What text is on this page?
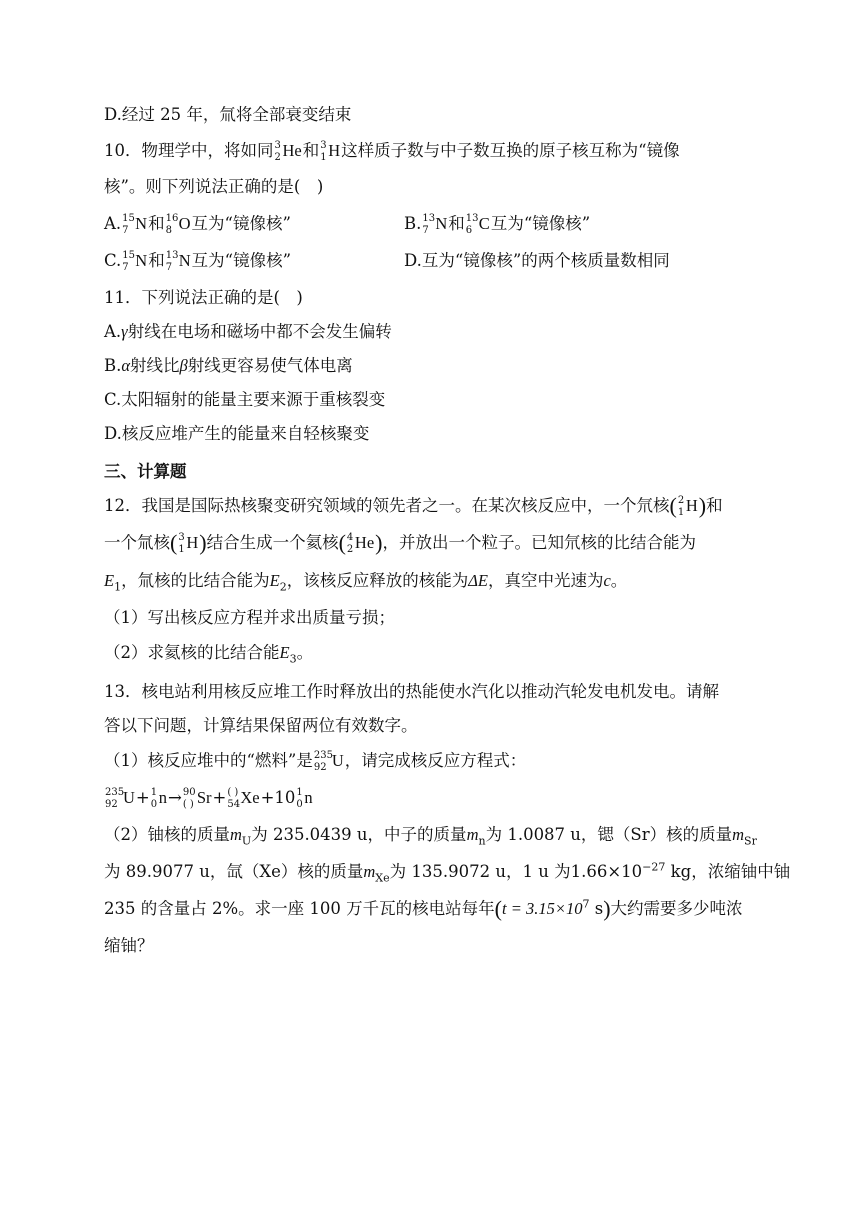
D.经过 25 年，氚将全部衰变结束
10．物理学中，将如同 3
2 He和 3
1 H这样质子数与中子数互换的原子核互称为“镜像
核”。则下列说法正确的是(　)
A. 15
7 N和 16
8 O互为“镜像核”	B. 13
7 N和 13
6 C互为“镜像核”
C. 15
7 N和 13
7 N互为“镜像核”	D.互为“镜像核”的两个核质量数相同
11．下列说法正确的是(　)
A.γ射线在电场和磁场中都不会发生偏转
B.α射线比β射线更容易使气体电离
C.太阳辐射的能量主要来源于重核裂变
D.核反应堆产生的能量来自轻核聚变
三、计算题
12．我国是国际热核聚变研究领域的领先者之一。在某次核反应中，一个氘核( 2
1 H)和
一个氚核( 3
1 H)结合生成一个氦核( 4
2 He)，并放出一个粒子。已知氘核的比结合能为
$E_1$，氚核的比结合能为$E_2$，该核反应释放的核能为ΔE，真空中光速为c。
（1）写出核反应方程并求出质量亏损；
（2）求氦核的比结合能$E_3$。
13．核电站利用核反应堆工作时释放出的热能使水汽化以推动汽轮发电机发电。请解
答以下问题，计算结果保留两位有效数字。
（1）核反应堆中的“燃料”是 235
92 U，请完成核反应方程式：
235
92 U+ 1
0 n→ 90
( ) Sr+ ( )
54 Xe+10 1
0 n
（2）铀核的质量$m_U$为 235.0439 u，中子的质量$m_n$为 1.0087 u，锶（Sr）核的质量$m_{Sr}$
为 89.9077 u，氙（Xe）核的质量$m_{Xe}$为 135.9072 u，1 u 为$1.66\times 10^{-27}$ kg，浓缩铀中铀
235 的含量占 2%。求一座 100 万千瓦的核电站每年($t = 3.15\times 10^7$ s)大约需要多少吨浓
缩铀？
